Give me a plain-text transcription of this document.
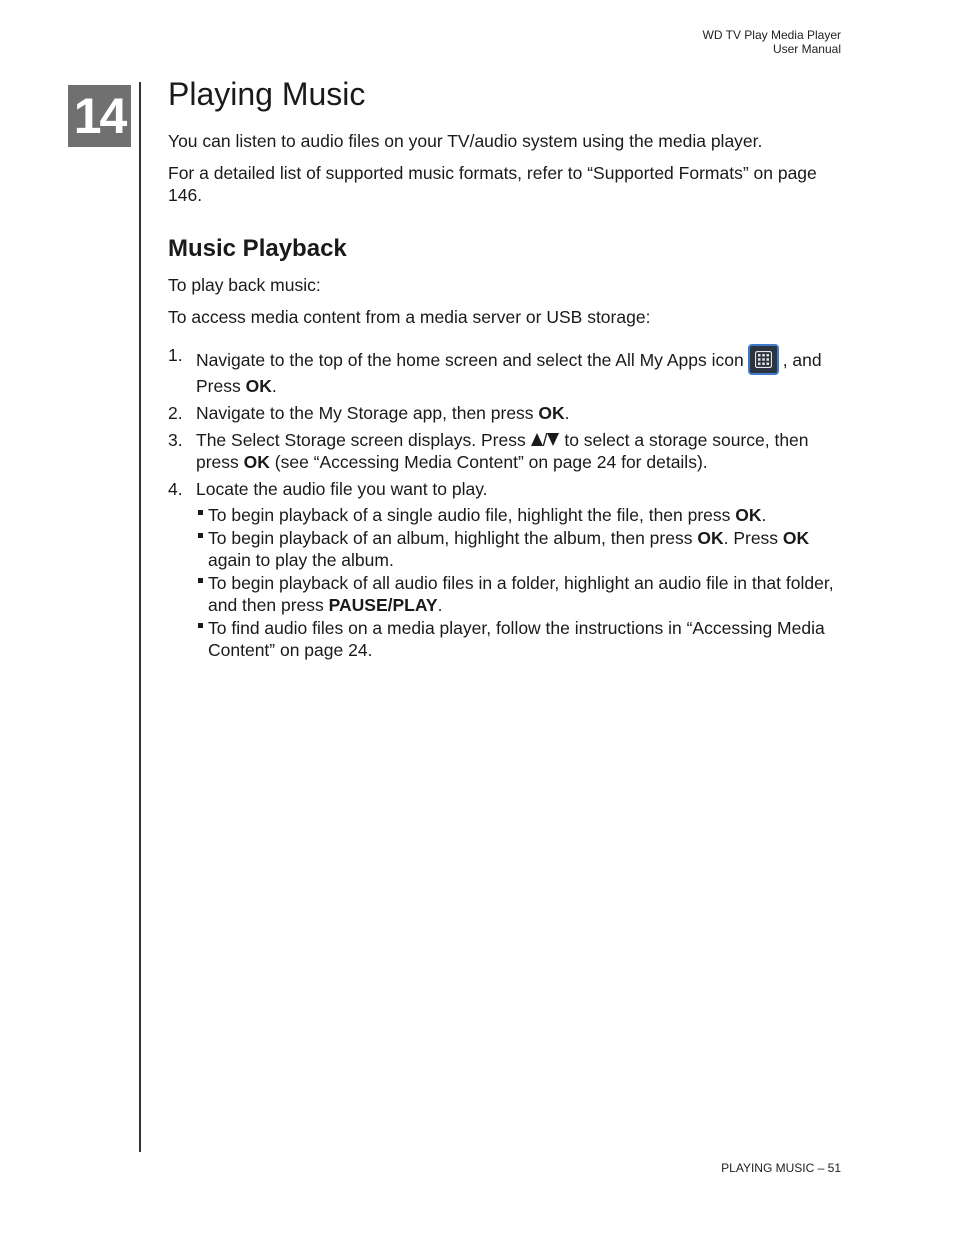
WD TV Play Media Player
User Manual
14 Playing Music

You can listen to audio files on your TV/audio system using the media player.

For a detailed list of supported music formats, refer to “Supported Formats” on page 146.

Music Playback

To play back music:

To access media content from a media server or USB storage:

1. Navigate to the top of the home screen and select the All My Apps icon , and
Press OK.
2. Navigate to the My Storage app, then press OK.
3. The Select Storage screen displays. Press / to select a storage source, then press OK (see “Accessing Media Content” on page 24 for details).
4. Locate the audio file you want to play.
To begin playback of a single audio file, highlight the file, then press OK.
To begin playback of an album, highlight the album, then press OK. Press OK again to play the album.
To begin playback of all audio files in a folder, highlight an audio file in that folder, and then press PAUSE/PLAY.
To find audio files on a media player, follow the instructions in “Accessing Media Content” on page 24.
PLAYING MUSIC – 51
